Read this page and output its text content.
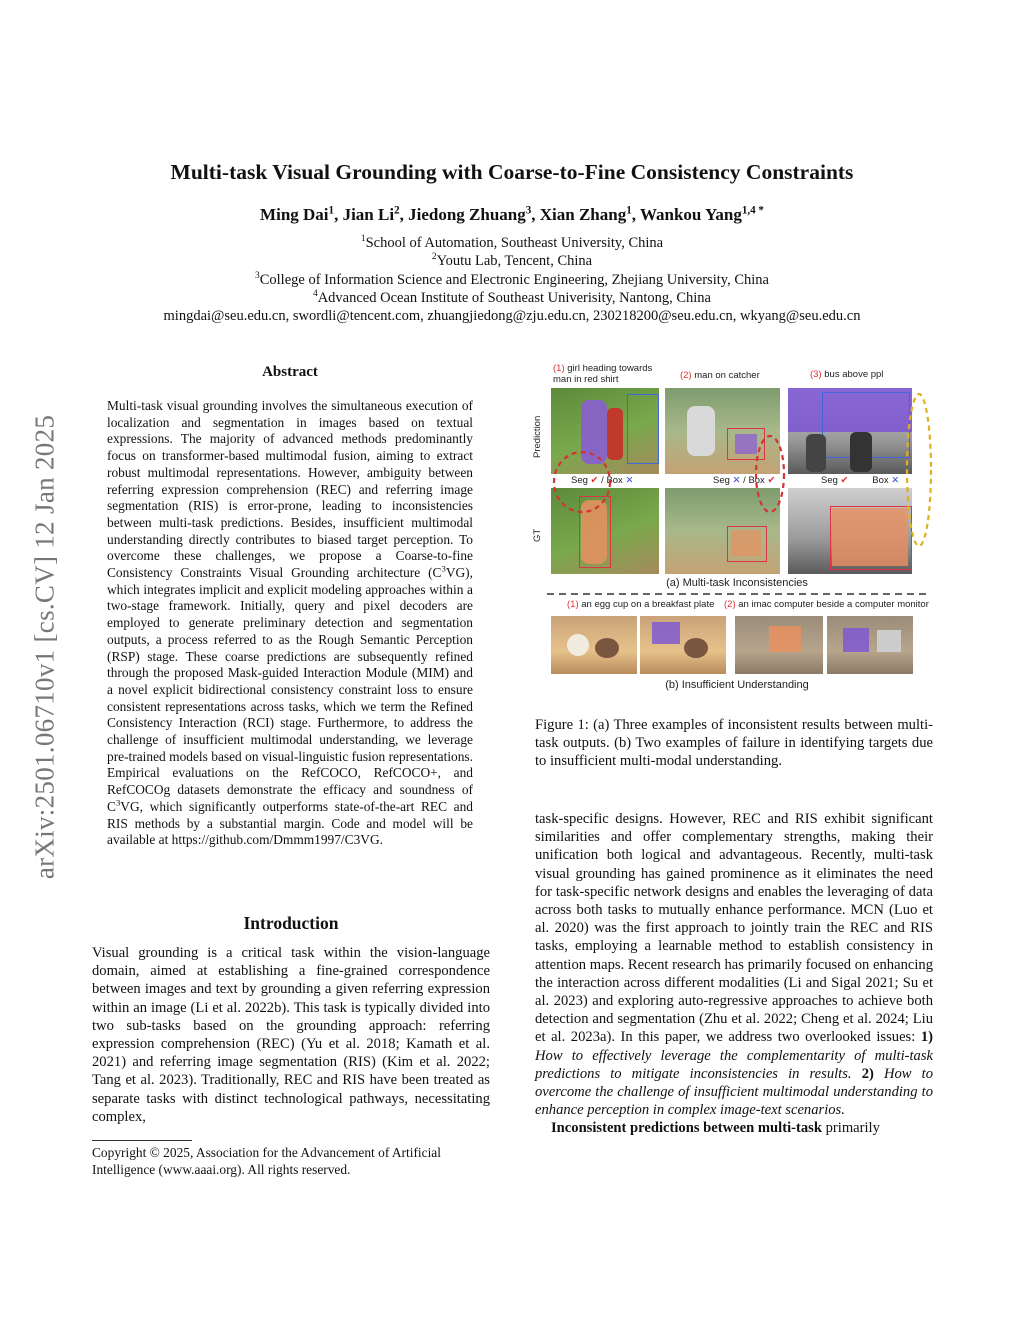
Multi-task Visual Grounding with Coarse-to-Fine Consistency Constraints
Ming Dai$^1$, Jian Li$^2$, Jiedong Zhuang$^3$, Xian Zhang$^1$, Wankou Yang$^{1,4 *}$
$^1$School of Automation, Southeast University, China
$^2$Youtu Lab, Tencent, China
$^3$College of Information Science and Electronic Engineering, Zhejiang University, China
$^4$Advanced Ocean Institute of Southeast Univerisity, Nantong, China
mingdai@seu.edu.cn, swordli@tencent.com, zhuangjiedong@zju.edu.cn, 230218200@seu.edu.cn, wkyang@seu.edu.cn
arXiv:2501.06710v1 [cs.CV] 12 Jan 2025
Abstract
Multi-task visual grounding involves the simultaneous execution of localization and segmentation in images based on textual expressions. The majority of advanced methods predominantly focus on transformer-based multimodal fusion, aiming to extract robust multimodal representations. However, ambiguity between referring expression comprehension (REC) and referring image segmentation (RIS) is error-prone, leading to inconsistencies between multi-task predictions. Besides, insufficient multimodal understanding directly contributes to biased target perception. To overcome these challenges, we propose a Coarse-to-fine Consistency Constraints Visual Grounding architecture $(C^3VG)$, which integrates implicit and explicit modeling approaches within a two-stage framework. Initially, query and pixel decoders are employed to generate preliminary detection and segmentation outputs, a process referred to as the Rough Semantic Perception (RSP) stage. These coarse predictions are subsequently refined through the proposed Mask-guided Interaction Module (MIM) and a novel explicit bidirectional consistency constraint loss to ensure consistent representations across tasks, which we term the Refined Consistency Interaction (RCI) stage. Furthermore, to address the challenge of insufficient multimodal understanding, we leverage pre-trained models based on visual-linguistic fusion representations. Empirical evaluations on the RefCOCO, RefCOCO+, and RefCOCOg datasets demonstrate the efficacy and soundness of $C^3VG$, which significantly outperforms state-of-the-art REC and RIS methods by a substantial margin. Code and model will be available at https://github.com/Dmmm1997/C3VG.
Introduction
Visual grounding is a critical task within the vision-language domain, aimed at establishing a fine-grained correspondence between images and text by grounding a given referring expression within an image (Li et al. 2022b). This task is typically divided into two sub-tasks based on the grounding approach: referring expression comprehension (REC) (Yu et al. 2018; Kamath et al. 2021) and referring image segmentation (RIS) (Kim et al. 2022; Tang et al. 2023). Traditionally, REC and RIS have been treated as separate tasks with distinct technological pathways, necessitating complex,
Copyright © 2025, Association for the Advancement of Artificial Intelligence (www.aaai.org). All rights reserved.
Prediction
GT
(1) girl heading towards
man in red shirt	(2) man on catcher	(3) bus above ppl
Seg ✔ / Box ✕	Seg ✕ / Box ✔	Seg ✔	Box ✕
(a) Multi-task Inconsistencies
(1) an egg cup on a breakfast plate (2) an imac computer beside a computer monitor
(b) Insufficient Understanding
Figure 1: (a) Three examples of inconsistent results between multi-task outputs. (b) Two examples of failure in identifying targets due to insufficient multi-modal understanding.
task-specific designs. However, REC and RIS exhibit significant similarities and offer complementary strengths, making their unification both logical and advantageous. Recently, multi-task visual grounding has gained prominence as it eliminates the need for task-specific network designs and enables the leveraging of data across both tasks to mutually enhance performance. MCN (Luo et al. 2020) was the first approach to jointly train the REC and RIS tasks, employing a learnable method to establish consistency in attention maps. Recent research has primarily focused on enhancing the interaction across different modalities (Li and Sigal 2021; Su et al. 2023) and exploring auto-regressive approaches to achieve both detection and segmentation (Zhu et al. 2022; Cheng et al. 2024; Liu et al. 2023a). In this paper, we address two overlooked issues: 1) How to effectively leverage the complementarity of multi-task predictions to mitigate inconsistencies in results. 2) How to overcome the challenge of insufficient multimodal understanding to enhance perception in complex image-text scenarios.
Inconsistent predictions between multi-task primarily
